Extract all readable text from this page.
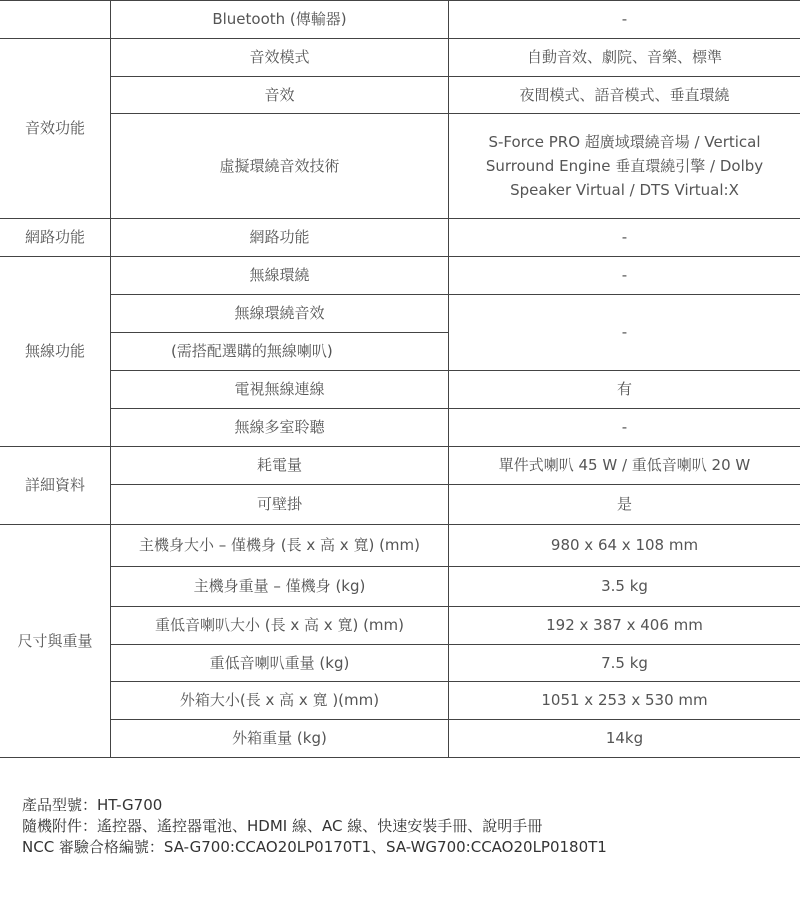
音效功能
網路功能
無線功能
詳細資料
尺寸與重量
Bluetooth (傳輸器)
音效模式
音效
虛擬環繞音效技術
網路功能
無線環繞
無線環繞音效
(需搭配選購的無線喇叭)
電視無線連線
無線多室聆聽
耗電量
可壁掛
主機身大小 – 僅機身 (長 x 高 x 寬) (mm)
主機身重量 – 僅機身 (kg)
重低音喇叭大小 (長 x 高 x 寬) (mm)
重低音喇叭重量 (kg)
外箱大小(長 x 高 x 寬 )(mm)
外箱重量 (kg)
-
自動音效、劇院、音樂、標準
夜間模式、語音模式、垂直環繞
S-Force PRO 超廣域環繞音場 / Vertical Surround Engine 垂直環繞引擎 / Dolby Speaker Virtual / DTS Virtual:X
-
-
-
有
-
單件式喇叭 45 W / 重低音喇叭 20 W
是
980 x 64 x 108 mm
3.5 kg
192 x 387 x 406 mm
7.5 kg
1051 x 253 x 530 mm
14kg
產品型號：HT-G700
隨機附件：遙控器、遙控器電池、HDMI 線、AC 線、快速安裝手冊、說明手冊
NCC 審驗合格編號：SA-G700:CCAO20LP0170T1、SA-WG700:CCAO20LP0180T1
